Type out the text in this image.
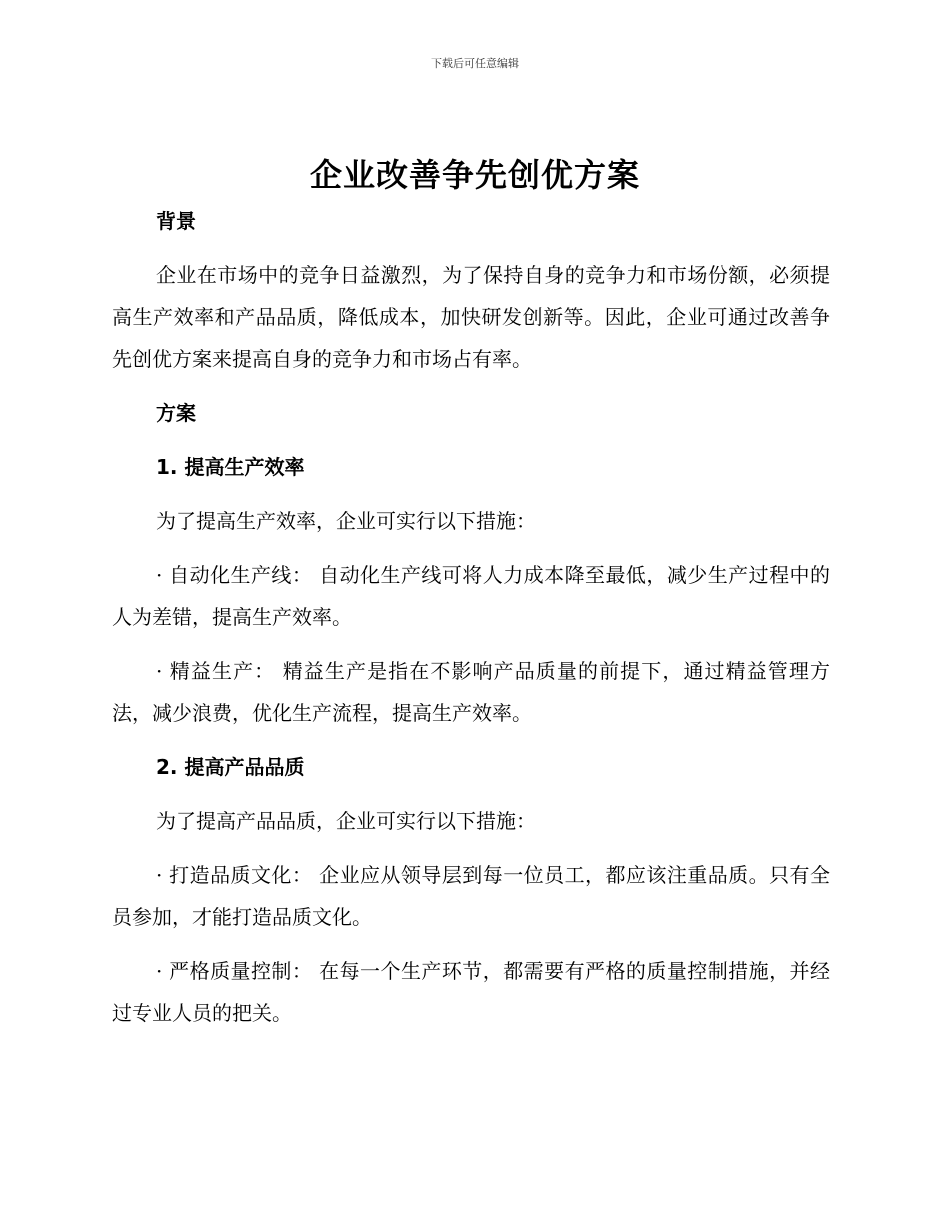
下载后可任意编辑
企业改善争先创优方案

背景

企业在市场中的竞争日益激烈，为了保持自身的竞争力和市场份额，必须提高生产效率和产品品质，降低成本，加快研发创新等。因此，企业可通过改善争先创优方案来提高自身的竞争力和市场占有率。

方案

1. 提高生产效率

为了提高生产效率，企业可实行以下措施：

· 自动化生产线： 自动化生产线可将人力成本降至最低，减少生产过程中的人为差错，提高生产效率。

· 精益生产： 精益生产是指在不影响产品质量的前提下，通过精益管理方法，减少浪费，优化生产流程，提高生产效率。

2. 提高产品品质

为了提高产品品质，企业可实行以下措施：

· 打造品质文化： 企业应从领导层到每一位员工，都应该注重品质。只有全员参加，才能打造品质文化。

· 严格质量控制： 在每一个生产环节，都需要有严格的质量控制措施，并经过专业人员的把关。
